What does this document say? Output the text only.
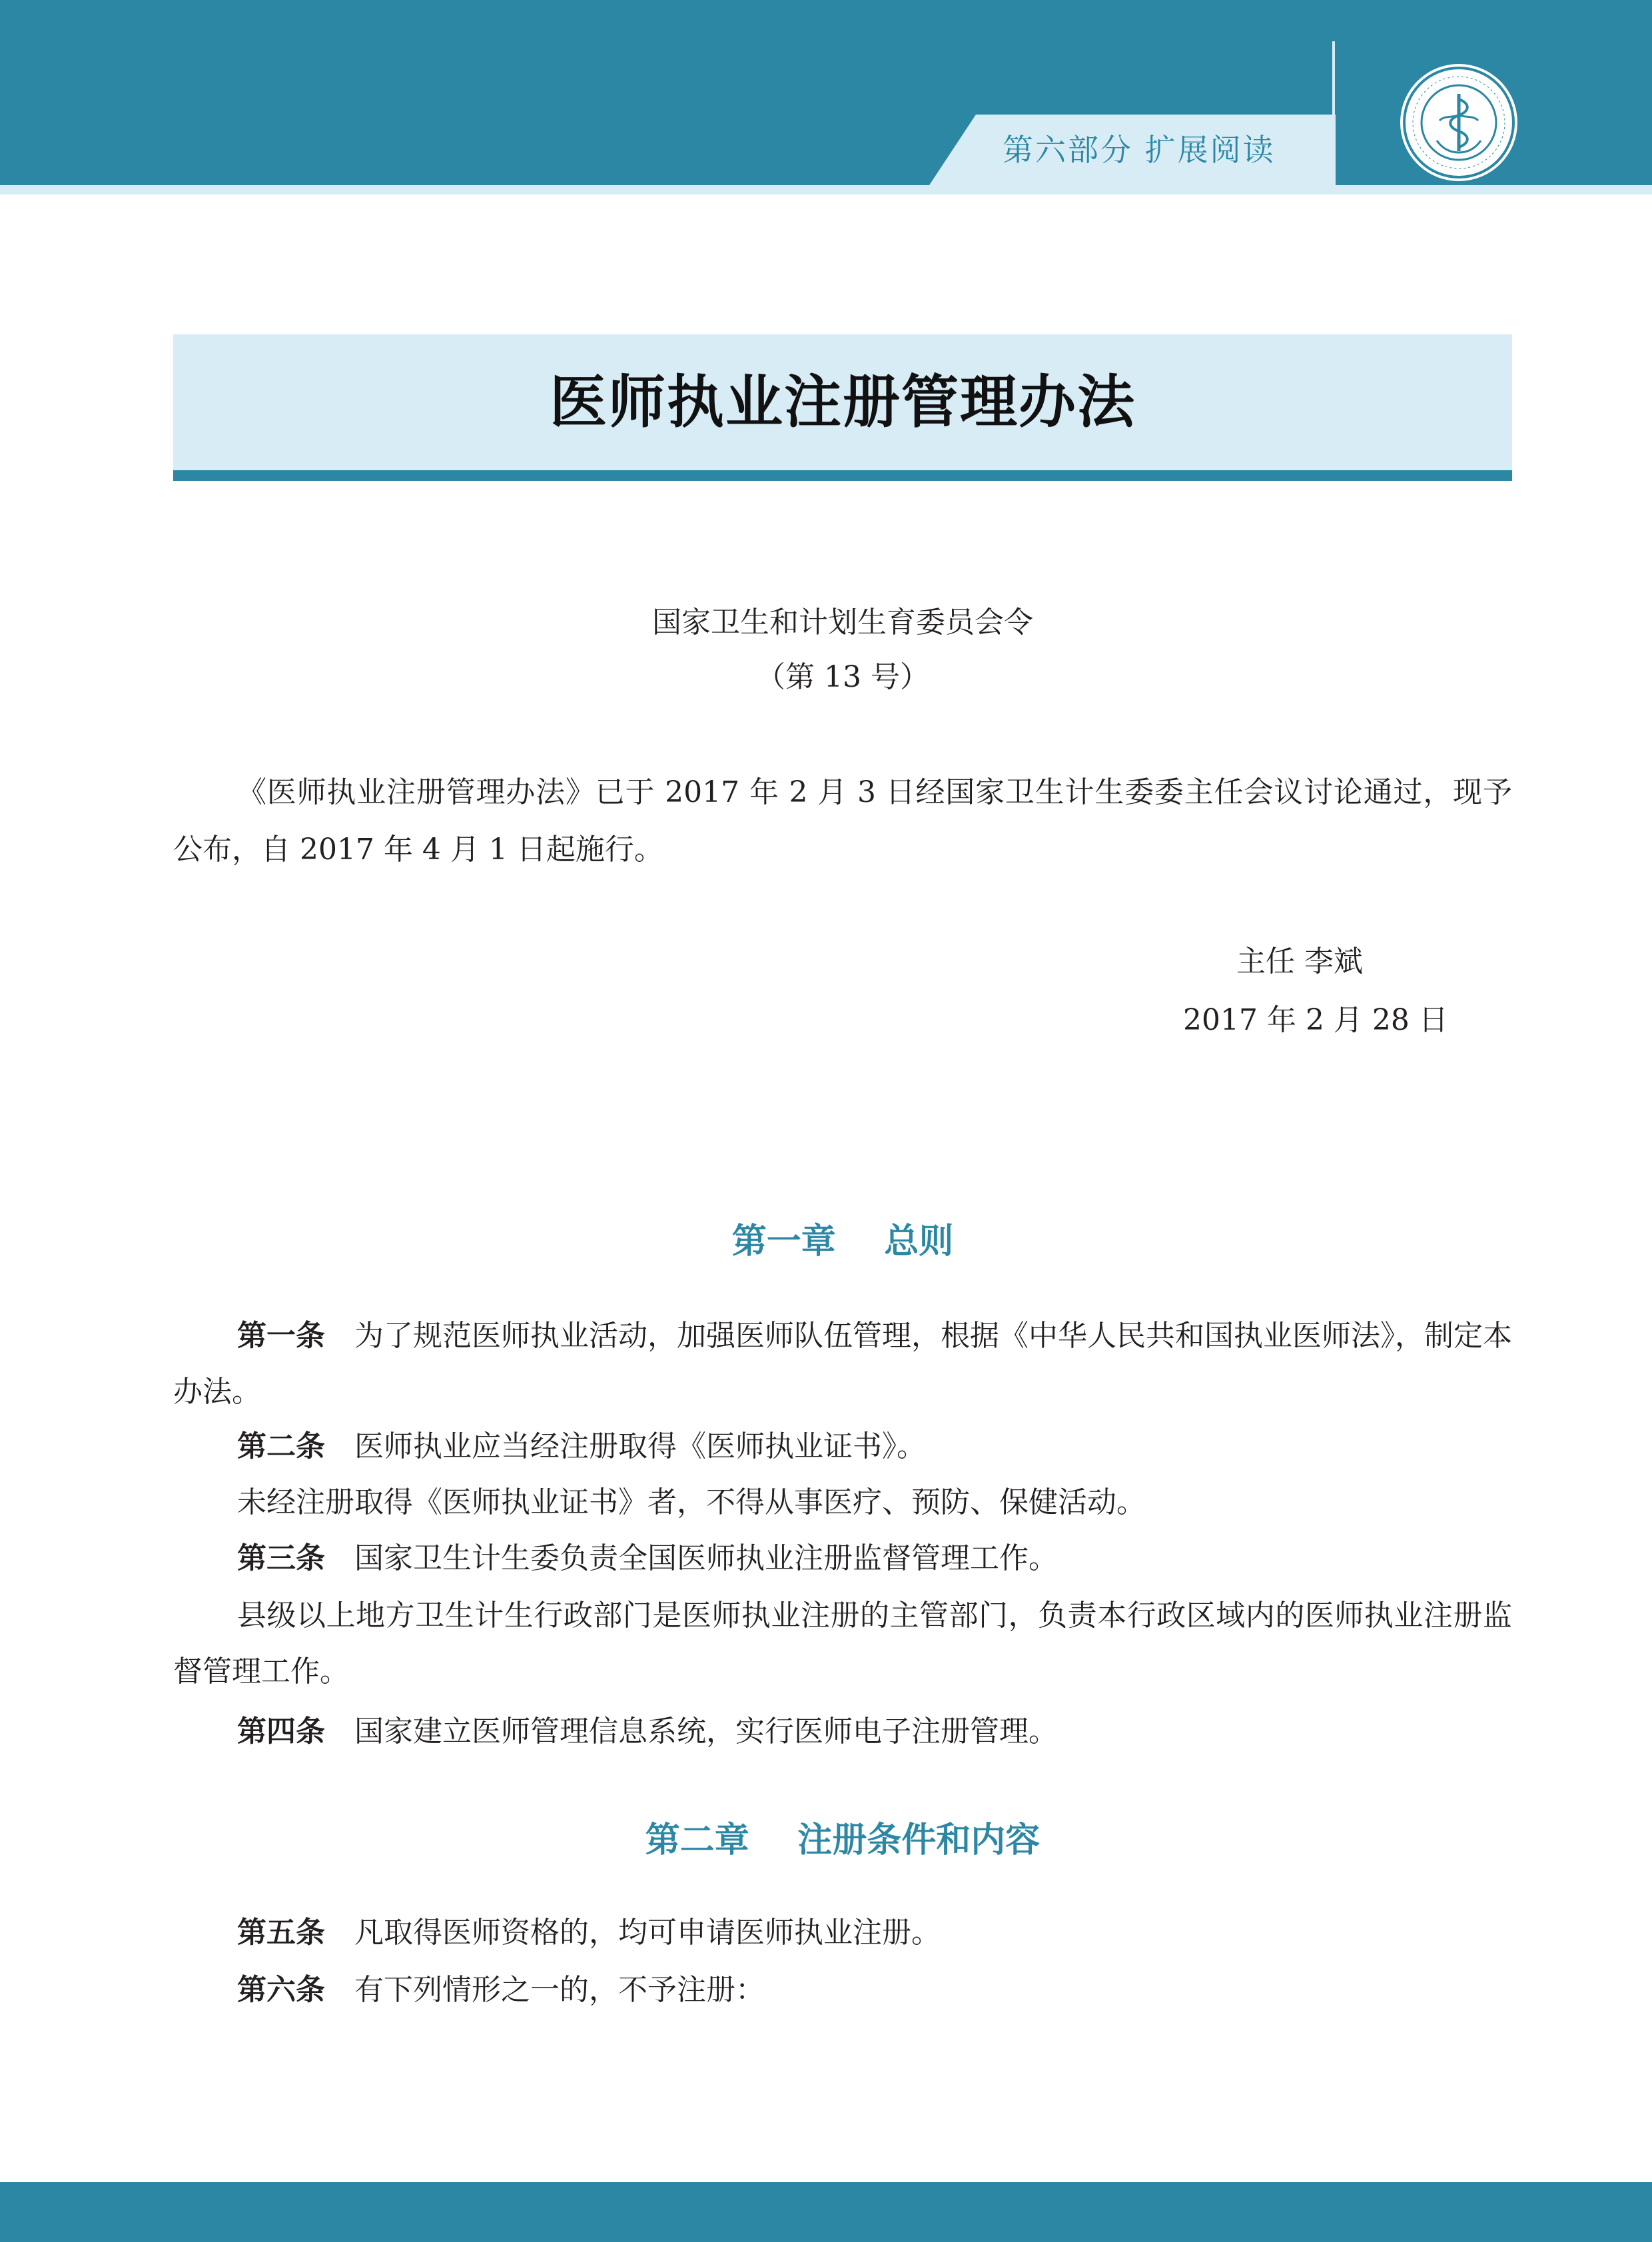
第六部分 扩展阅读
医师执业注册管理办法
国家卫生和计划生育委员会令
（第 13 号）
《医师执业注册管理办法》已于 2017 年 2 月 3 日经国家卫生计生委委主任会议讨论通过，现予公布，自 2017 年 4 月 1 日起施行。
主任 李斌
2017 年 2 月 28 日
第一章    总则
第一条 为了规范医师执业活动，加强医师队伍管理，根据《中华人民共和国执业医师法》，制定本办法。
第二条 医师执业应当经注册取得《医师执业证书》。
未经注册取得《医师执业证书》者，不得从事医疗、预防、保健活动。
第三条 国家卫生计生委负责全国医师执业注册监督管理工作。
县级以上地方卫生计生行政部门是医师执业注册的主管部门，负责本行政区域内的医师执业注册监督管理工作。
第四条 国家建立医师管理信息系统，实行医师电子注册管理。
第二章    注册条件和内容
第五条 凡取得医师资格的，均可申请医师执业注册。
第六条 有下列情形之一的，不予注册：
